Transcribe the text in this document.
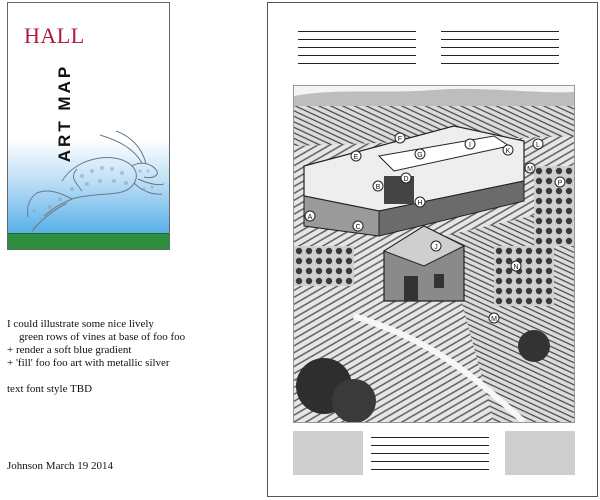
HALL
ART MAP

I could illustrate some nice lively

green rows of vines at base of foo foo

+ render a soft blue gradient

+ 'fill' foo foo art with metallic silver

text font style TBD

Johnson March 19 2014
A
B
C
D
E
F
G
H
I
J
K
L
M
N
M
P
